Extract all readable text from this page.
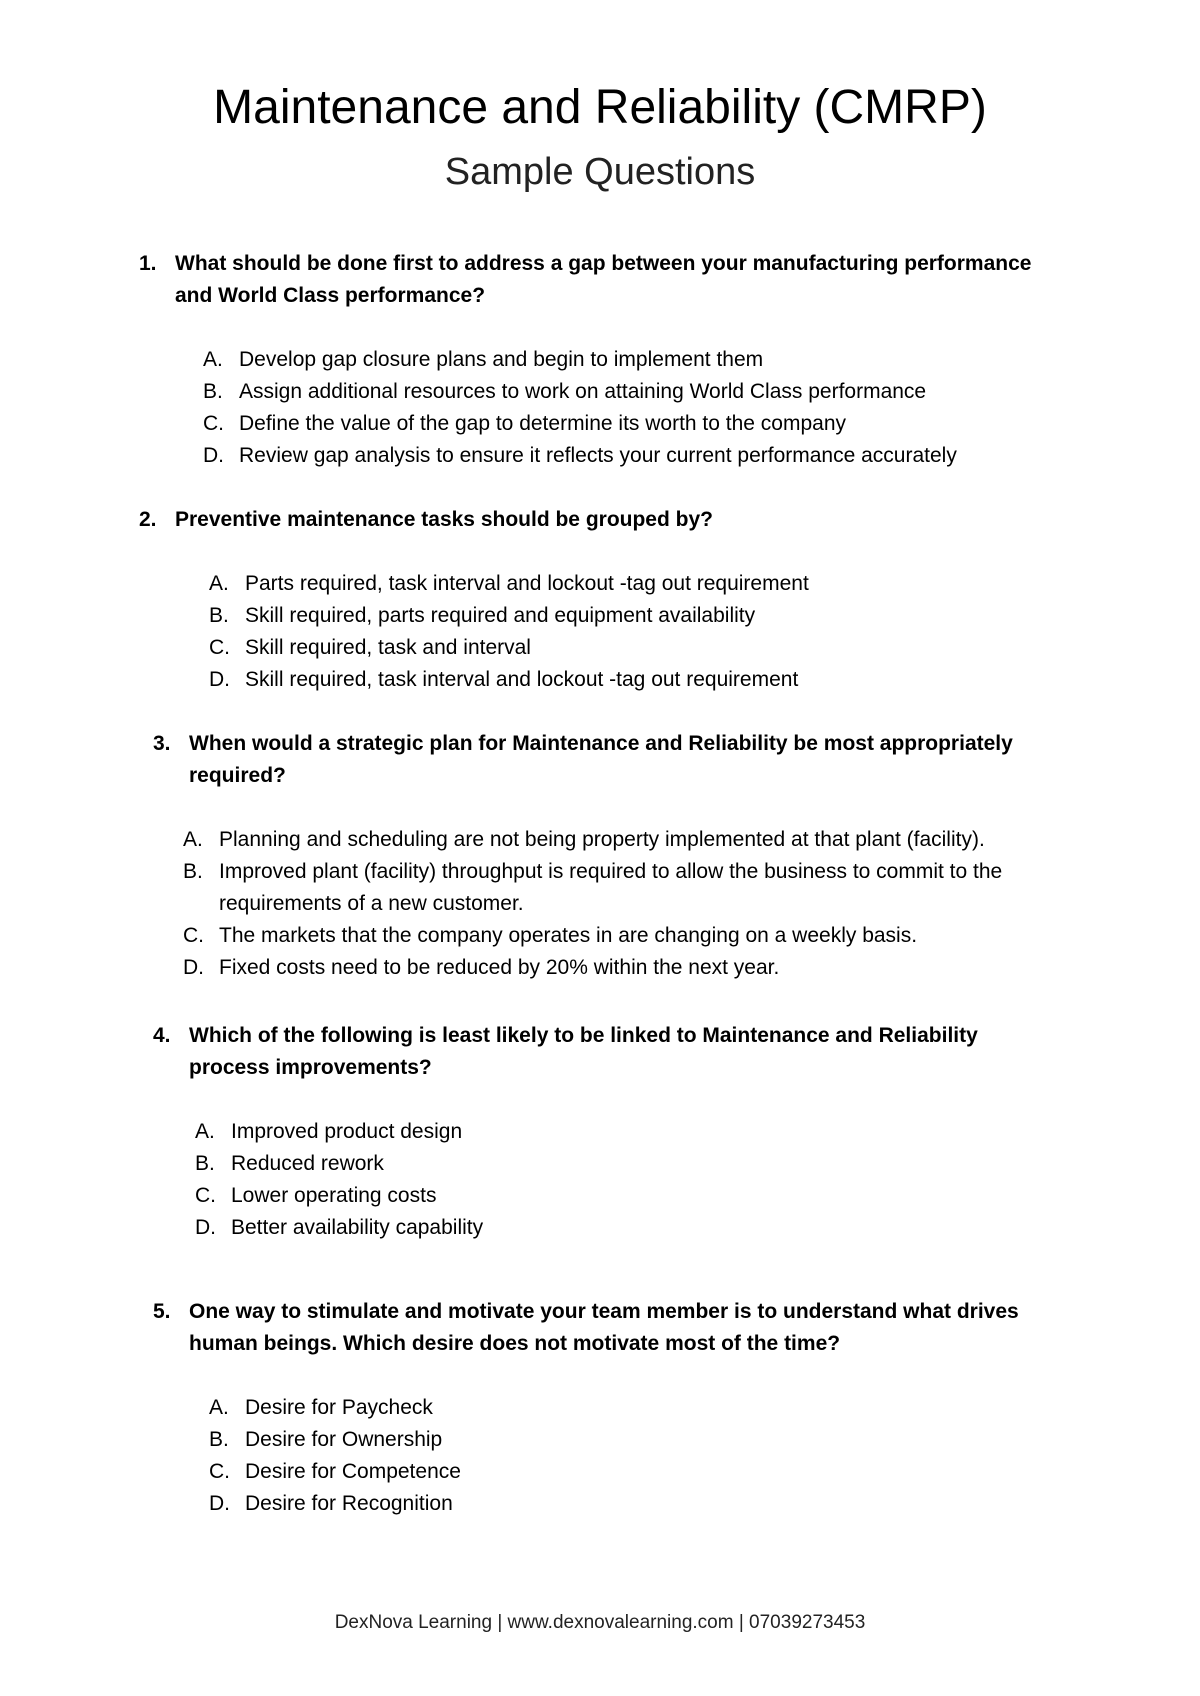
Maintenance and Reliability (CMRP)
Sample Questions
1. What should be done first to address a gap between your manufacturing performance and World Class performance?
A. Develop gap closure plans and begin to implement them
B. Assign additional resources to work on attaining World Class performance
C. Define the value of the gap to determine its worth to the company
D. Review gap analysis to ensure it reflects your current performance accurately
2. Preventive maintenance tasks should be grouped by?
A. Parts required, task interval and lockout -tag out requirement
B. Skill required, parts required and equipment availability
C. Skill required, task and interval
D. Skill required, task interval and lockout -tag out requirement
3. When would a strategic plan for Maintenance and Reliability be most appropriately required?
A. Planning and scheduling are not being property implemented at that plant (facility).
B. Improved plant (facility) throughput is required to allow the business to commit to the requirements of a new customer.
C. The markets that the company operates in are changing on a weekly basis.
D. Fixed costs need to be reduced by 20% within the next year.
4. Which of the following is least likely to be linked to Maintenance and Reliability process improvements?
A. Improved product design
B. Reduced rework
C. Lower operating costs
D. Better availability capability
5. One way to stimulate and motivate your team member is to understand what drives human beings. Which desire does not motivate most of the time?
A. Desire for Paycheck
B. Desire for Ownership
C. Desire for Competence
D. Desire for Recognition
DexNova Learning | www.dexnovalearning.com | 07039273453
